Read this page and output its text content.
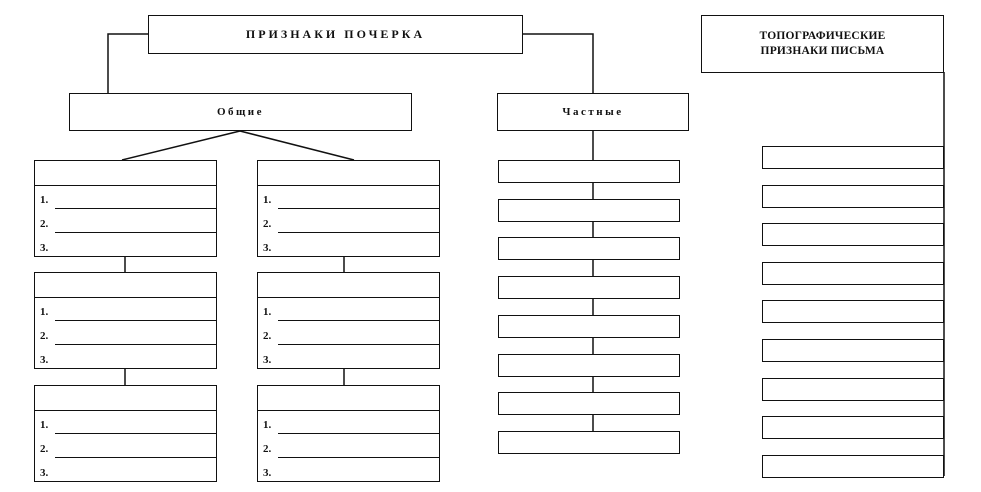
ПРИЗНАКИ ПОЧЕРКА	ТОПОГРАФИЧЕСКИЕ
ПРИЗНАКИ ПИСЬМА
Общие	Частные
1.
2.
3.
1.
2.
3.
1.
2.
3.
1.
2.
3.
1.
2.
3.
1.
2.
3.
